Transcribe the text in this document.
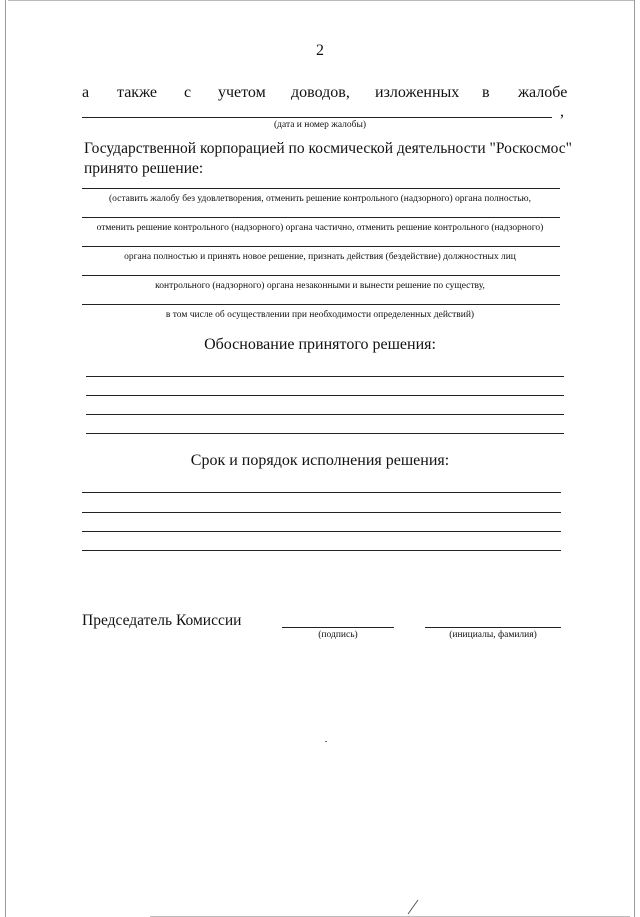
2
а также с учетом доводов, изложенных в жалобе
,
(дата и номер жалобы)
Государственной корпорацией по космической деятельности "Роскосмос"
принято решение:
(оставить жалобу без удовлетворения, отменить решение контрольного (надзорного) органа полностью,
отменить решение контрольного (надзорного) органа частично, отменить решение контрольного (надзорного)
органа полностью и принять новое решение, признать действия (бездействие) должностных лиц
контрольного (надзорного) органа незаконными и вынести решение по существу,
в том числе об осуществлении при необходимости определенных действий)
Обоснование принятого решения:
Срок и порядок исполнения решения:
Председатель Комиссии
(подпись)	(инициалы, фамилия)
